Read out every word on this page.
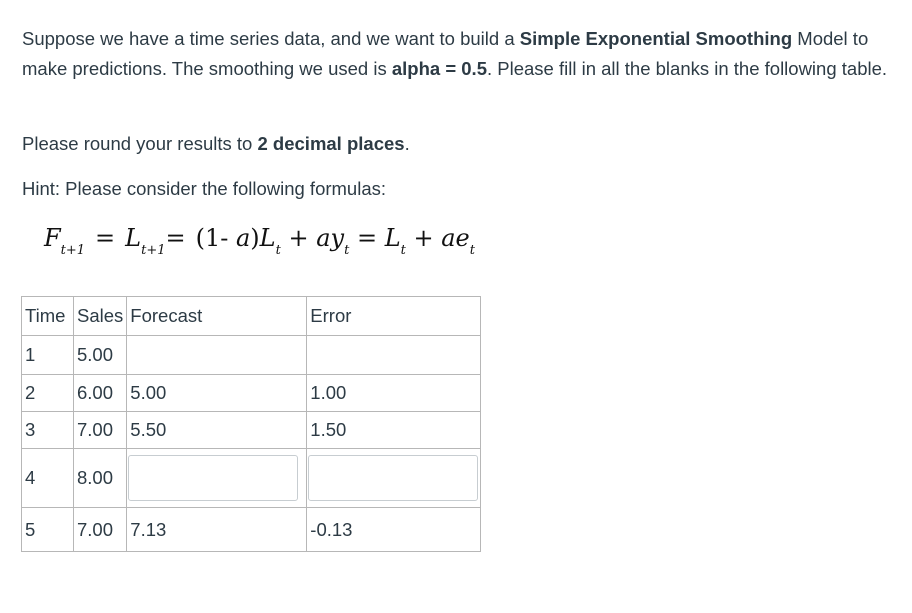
Suppose we have a time series data, and we want to build a Simple Exponential Smoothing Model to make predictions. The smoothing we used is alpha = 0.5. Please fill in all the blanks in the following table.

Please round your results to 2 decimal places.

Hint: Please consider the following formulas:

$F_{t+1} = L_{t+1}= (1-$ $a)L_t + ay_t = L_t + ae_t$
Time	Sales	Forecast	Error
1	5.00		
2	6.00	5.00	1.00
3	7.00	5.50	1.50
4	8.00		
5	7.00	7.13	-0.13
